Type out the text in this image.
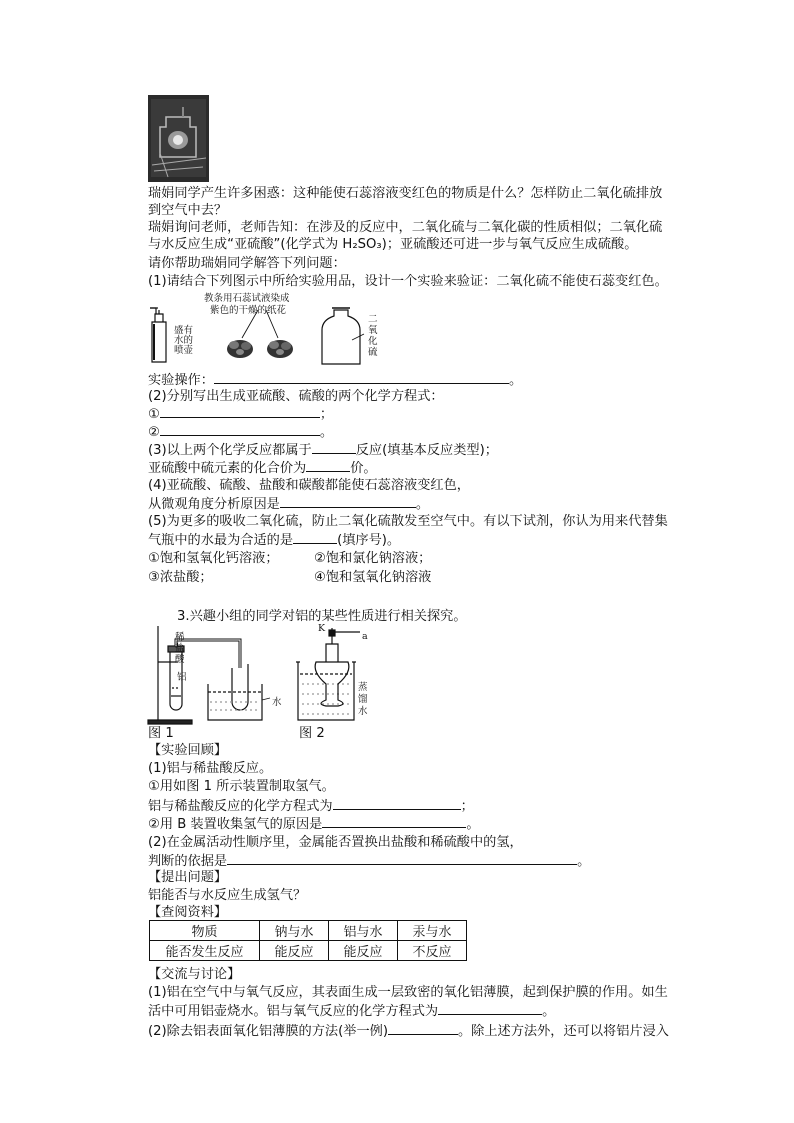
瑞娟同学产生许多困惑：这种能使石蕊溶液变红色的物质是什么？怎样防止二氧化硫排放
到空气中去？
瑞娟询问老师，老师告知：在涉及的反应中，二氧化硫与二氧化碳的性质相似；二氧化硫
与水反应生成“亚硫酸”(化学式为 H₂SO₃)；亚硫酸还可进一步与氧气反应生成硫酸。
请你帮助瑞娟同学解答下列问题：
(1)请结合下列图示中所给实验用品，设计一个实验来验证：二氧化硫不能使石蕊变红色。
教条用石蕊试液染成
紫色的干燥的纸花
盛 有
水 的
喷 壶
二
氧
化
硫
实验操作：	。
(2)分别写出生成亚硫酸、硫酸的两个化学方程式：
①	；
②	。
(3)以上两个化学反应都属于	反应(填基本反应类型)；
亚硫酸中硫元素的化合价为	价。
(4)亚硫酸、硫酸、盐酸和碳酸都能使石蕊溶液变红色，
从微观角度分析原因是	。
(5)为更多的吸收二氧化硫，防止二氧化硫散发至空气中。有以下试剂，你认为用来代替集
气瓶中的水最为合适的是	(填序号)。
①饱和氢氧化钙溶液；	②饱和氯化钠溶液；
③浓盐酸；	④饱和氢氧化钠溶液
3.兴趣小组的同学对铝的某些性质进行相关探究。
稀
盐
酸
铝
水
K
a
蒸
馏
水
图 1	图 2
【实验回顾】
(1)铝与稀盐酸反应。
①用如图 1 所示装置制取氢气。
铝与稀盐酸反应的化学方程式为	；
②用 B 装置收集氢气的原因是	。
(2)在金属活动性顺序里，金属能否置换出盐酸和稀硫酸中的氢，
判断的依据是	。
【提出问题】
铝能否与水反应生成氢气？
【查阅资料】
物质	钠与水	铝与水	汞与水
能否发生反应	能反应	能反应	不反应
【交流与讨论】
(1)铝在空气中与氧气反应，其表面生成一层致密的氧化铝薄膜，起到保护膜的作用。如生
活中可用铝壶烧水。铝与氧气反应的化学方程式为	。
(2)除去铝表面氧化铝薄膜的方法(举一例)	。除上述方法外，还可以将铝片浸入
